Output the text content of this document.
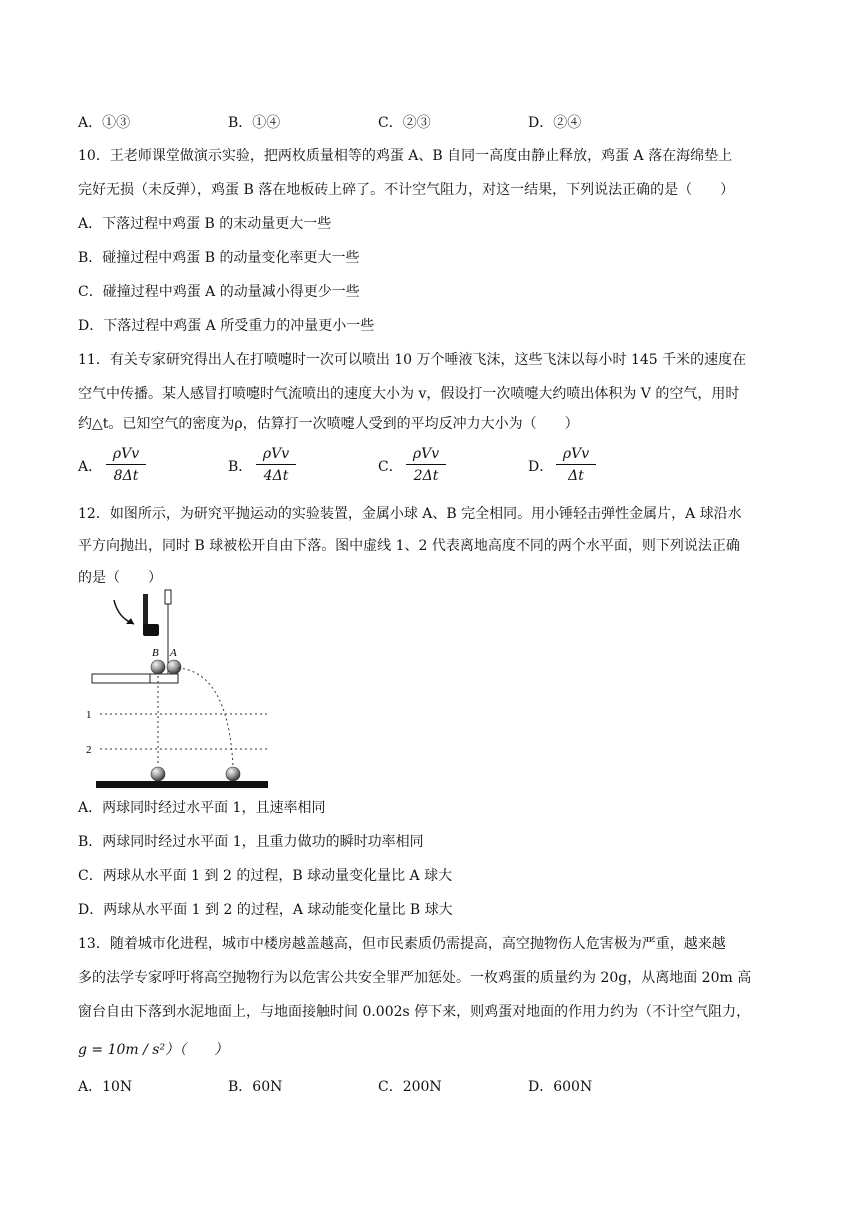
A．①③	B．①④	C．②③	D．②④
10．王老师课堂做演示实验，把两枚质量相等的鸡蛋 A、B 自同一高度由静止释放，鸡蛋 A 落在海绵垫上
完好无损（未反弹），鸡蛋 B 落在地板砖上碎了。不计空气阻力，对这一结果，下列说法正确的是（　　）
A．下落过程中鸡蛋 B 的末动量更大一些
B．碰撞过程中鸡蛋 B 的动量变化率更大一些
C．碰撞过程中鸡蛋 A 的动量减小得更少一些
D．下落过程中鸡蛋 A 所受重力的冲量更小一些
11．有关专家研究得出人在打喷嚏时一次可以喷出 10 万个唾液飞沫，这些飞沫以每小时 145 千米的速度在
空气中传播。某人感冒打喷嚏时气流喷出的速度大小为 v，假设打一次喷嚏大约喷出体积为 V 的空气，用时
约△t。已知空气的密度为ρ，估算打一次喷嚏人受到的平均反冲力大小为（　　）
A．
ρVv
8Δt
B．
ρVv
4Δt
C．
ρVv
2Δt
D．
ρVv
Δt
12．如图所示，为研究平抛运动的实验装置，金属小球 A、B 完全相同。用小锤轻击弹性金属片，A 球沿水
平方向抛出，同时 B 球被松开自由下落。图中虚线 1、2 代表离地高度不同的两个水平面，则下列说法正确
的是（　　）
B A
1
2
A．两球同时经过水平面 1，且速率相同
B．两球同时经过水平面 1，且重力做功的瞬时功率相同
C．两球从水平面 1 到 2 的过程，B 球动量变化量比 A 球大
D．两球从水平面 1 到 2 的过程，A 球动能变化量比 B 球大
13．随着城市化进程，城市中楼房越盖越高，但市民素质仍需提高，高空抛物伤人危害极为严重，越来越
多的法学专家呼吁将高空抛物行为以危害公共安全罪严加惩处。一枚鸡蛋的质量约为 20g，从离地面 20m 高
窗台自由下落到水泥地面上，与地面接触时间 0.002s 停下来，则鸡蛋对地面的作用力约为（不计空气阻力，
g = 10m / s²）（　　）
A．10N	B．60N	C．200N	D．600N
